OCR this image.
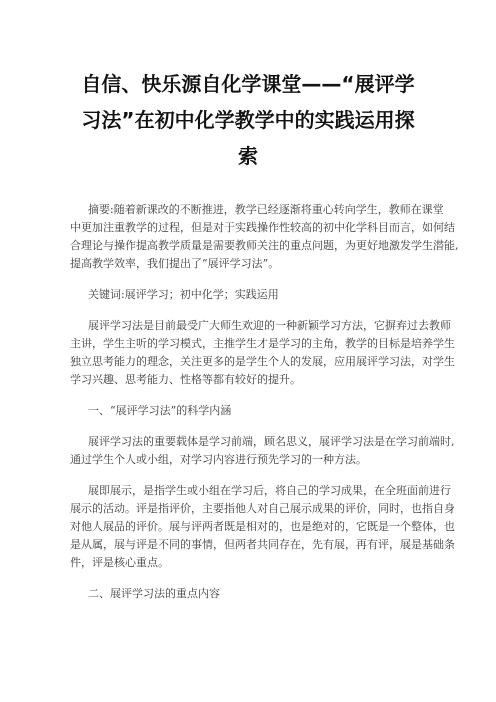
自信、快乐源自化学课堂——“展评学
习法”在初中化学教学中的实践运用探
索
摘要:随着新课改的不断推进，教学已经逐渐将重心转向学生，教师在课堂
中更加注重教学的过程，但是对于实践操作性较高的初中化学科目而言，如何结
合理论与操作提高教学质量是需要教师关注的重点问题，为更好地激发学生潜能,
提高教学效率，我们提出了“展评学习法”。
关键词:展评学习；初中化学；实践运用
展评学习法是目前最受广大师生欢迎的一种新颖学习方法，它摒弃过去教师
主讲，学生主听的学习模式，主推学生才是学习的主角，教学的目标是培养学生
独立思考能力的理念，关注更多的是学生个人的发展，应用展评学习法，对学生
学习兴趣、思考能力、性格等都有较好的提升。
一、“展评学习法”的科学内涵
展评学习法的重要载体是学习前端，顾名思义，展评学习法是在学习前端时,
通过学生个人或小组，对学习内容进行预先学习的一种方法。
展即展示，是指学生或小组在学习后，将自己的学习成果，在全班面前进行
展示的活动。评是指评价，主要指他人对自己展示成果的评价，同时，也指自身
对他人展品的评价。展与评两者既是相对的，也是绝对的，它既是一个整体，也
是从属，展与评是不同的事情，但两者共同存在，先有展，再有评，展是基础条
件，评是核心重点。
二、展评学习法的重点内容
